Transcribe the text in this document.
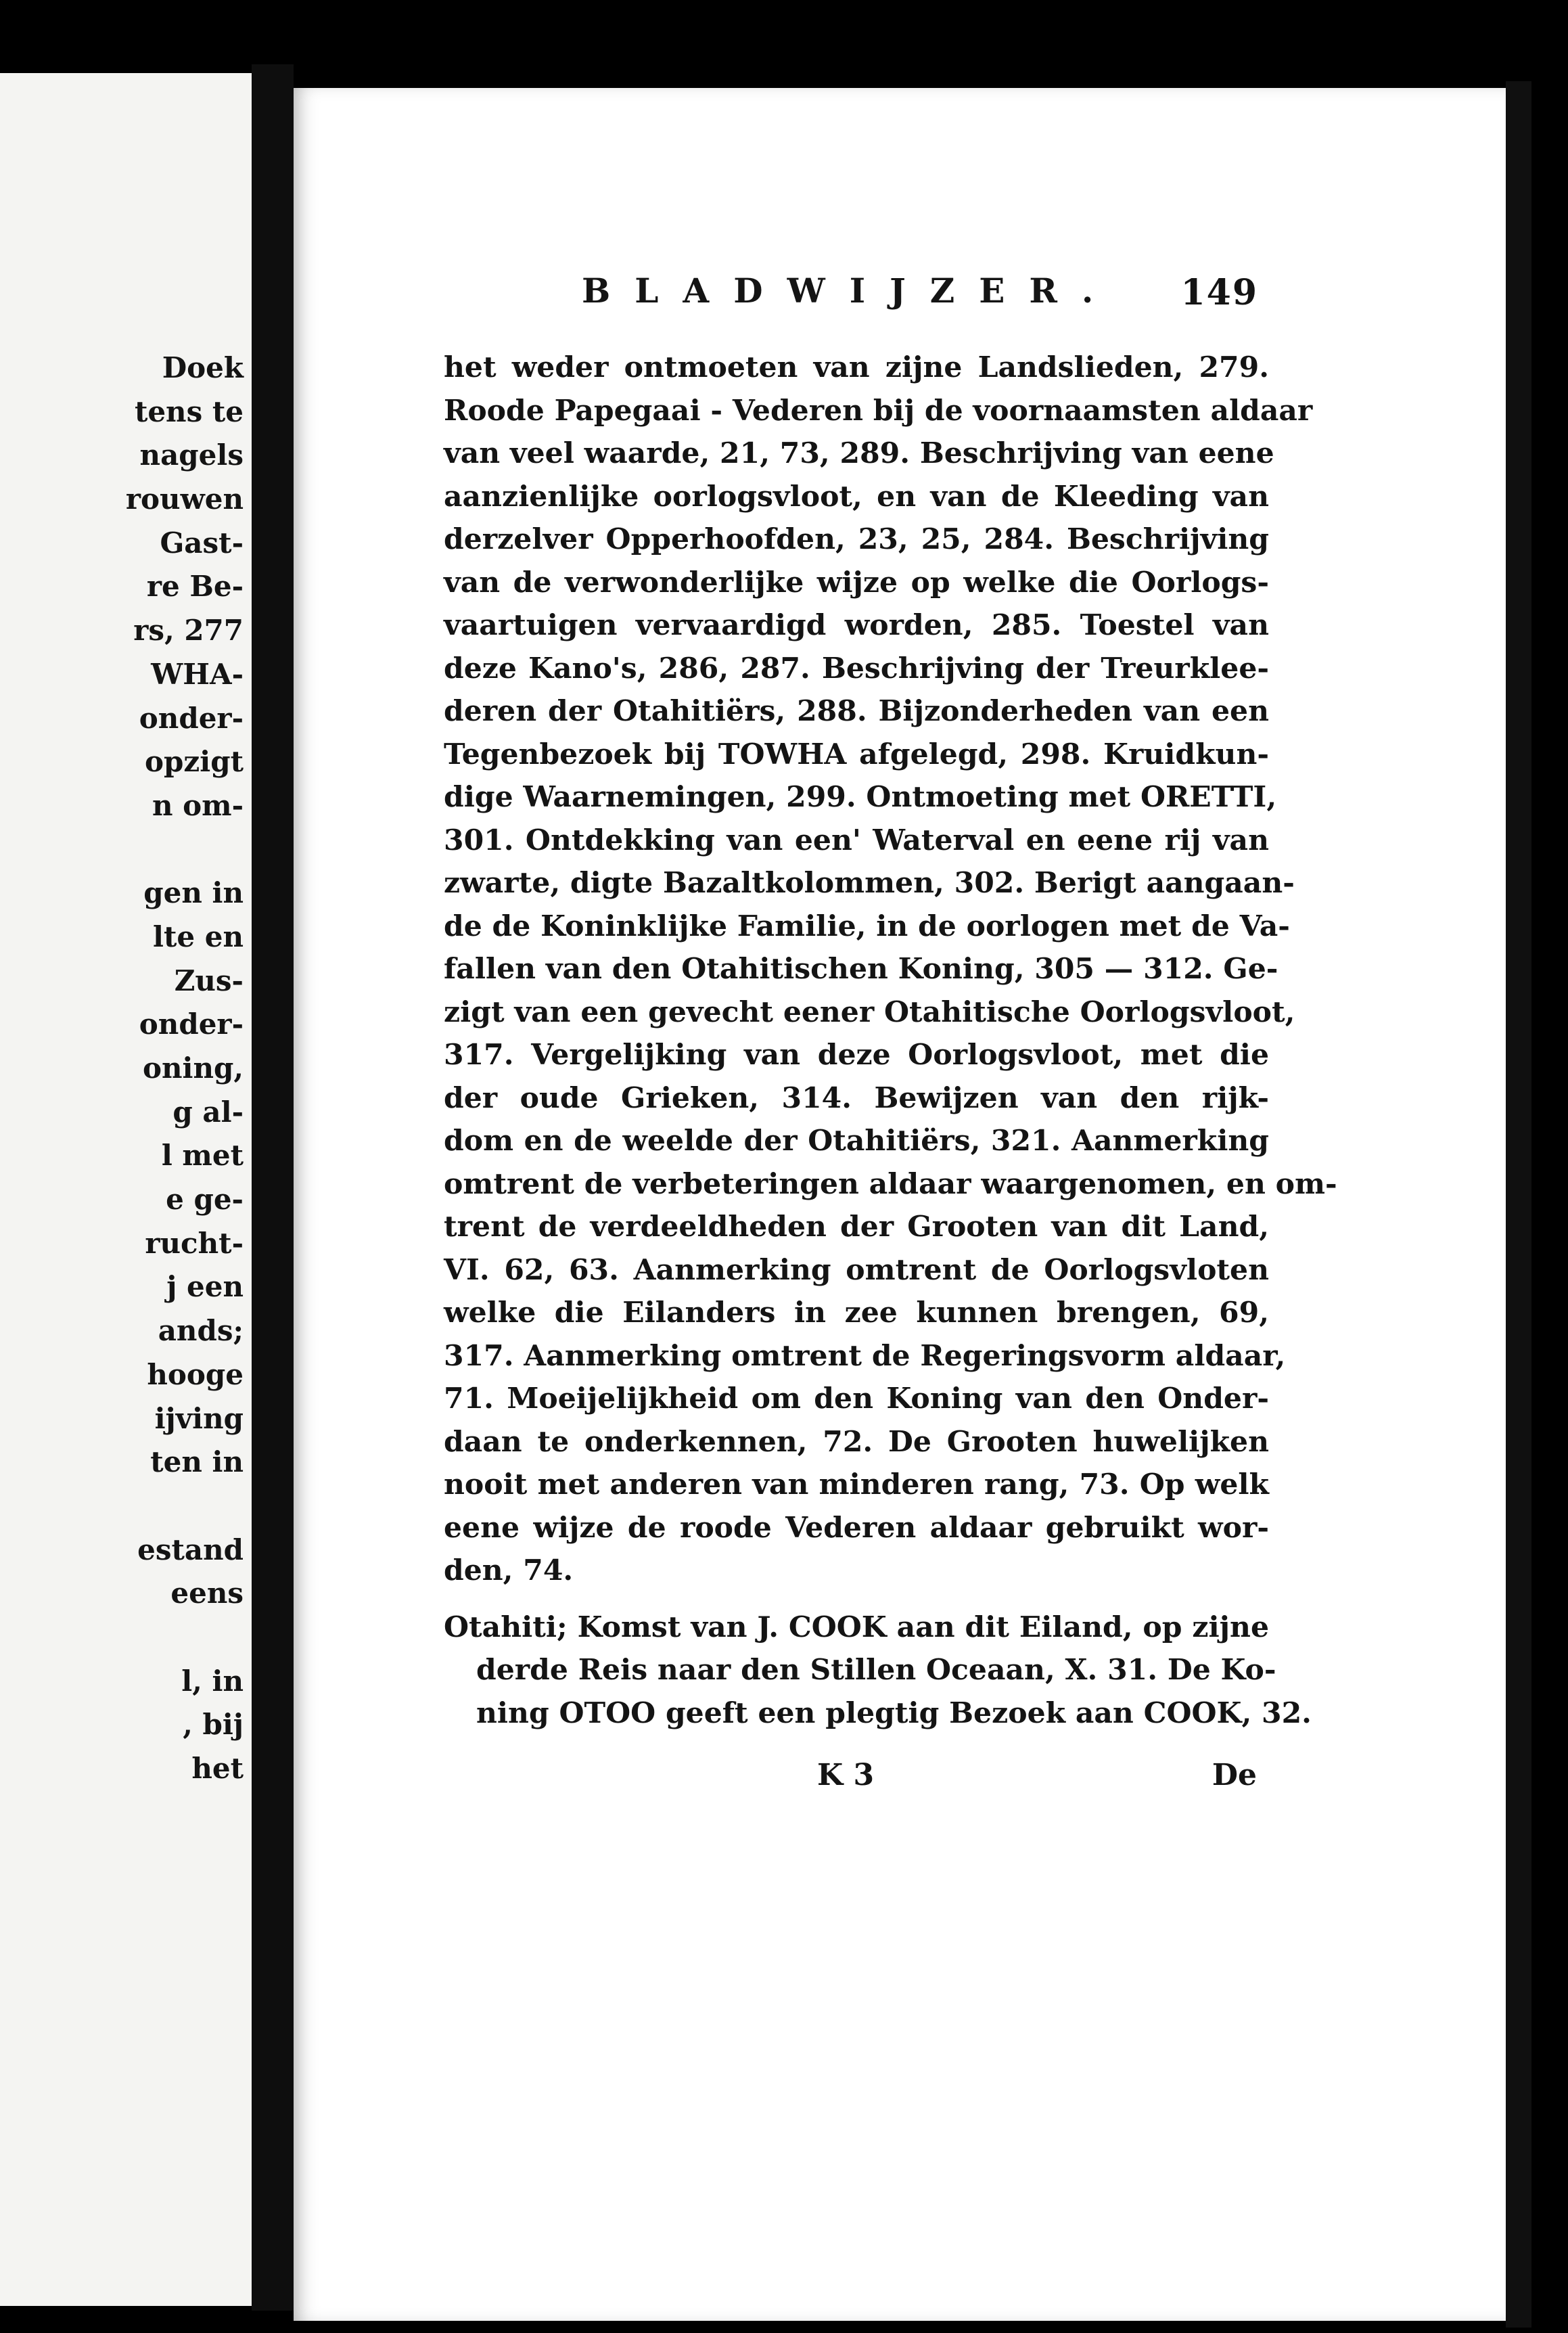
Doek
tens te
nagels
rouwen
Gast-
re Be-
rs, 277
WHA-
onder-
opzigt
n om-
gen in
lte en
Zus-
onder-
oning,
g al-
l met
e ge-
rucht-
j een
ands;
hooge
ijving
ten in
estand
eens
l, in
, bij
het
BLADWIJZER. 149
het weder ontmoeten van zijne Landslieden, 279.
Roode Papegaai - Vederen bij de voornaamsten aldaar
van veel waarde, 21, 73, 289. Beschrijving van eene
aanzienlijke oorlogsvloot, en van de Kleeding van
derzelver Opperhoofden, 23, 25, 284. Beschrijving
van de verwonderlijke wijze op welke die Oorlogs-
vaartuigen vervaardigd worden, 285. Toestel van
deze Kano's, 286, 287. Beschrijving der Treurklee-
deren der Otahitiërs, 288. Bijzonderheden van een
Tegenbezoek bij TOWHA afgelegd, 298. Kruidkun-
dige Waarnemingen, 299. Ontmoeting met ORETTI,
301. Ontdekking van een' Waterval en eene rij van
zwarte, digte Bazaltkolommen, 302. Berigt aangaan-
de de Koninklijke Familie, in de oorlogen met de Va-
fallen van den Otahitischen Koning, 305 — 312. Ge-
zigt van een gevecht eener Otahitische Oorlogsvloot,
317. Vergelijking van deze Oorlogsvloot, met die
der oude Grieken, 314. Bewijzen van den rijk-
dom en de weelde der Otahitiërs, 321. Aanmerking
omtrent de verbeteringen aldaar waargenomen, en om-
trent de verdeeldheden der Grooten van dit Land,
VI. 62, 63. Aanmerking omtrent de Oorlogsvloten
welke die Eilanders in zee kunnen brengen, 69,
317. Aanmerking omtrent de Regeringsvorm aldaar,
71. Moeijelijkheid om den Koning van den Onder-
daan te onderkennen, 72. De Grooten huwelijken
nooit met anderen van minderen rang, 73. Op welk
eene wijze de roode Vederen aldaar gebruikt wor-
den, 74.
Otahiti; Komst van J. COOK aan dit Eiland, op zijne
derde Reis naar den Stillen Oceaan, X. 31. De Ko-
ning OTOO geeft een plegtig Bezoek aan COOK, 32.
K 3	De
